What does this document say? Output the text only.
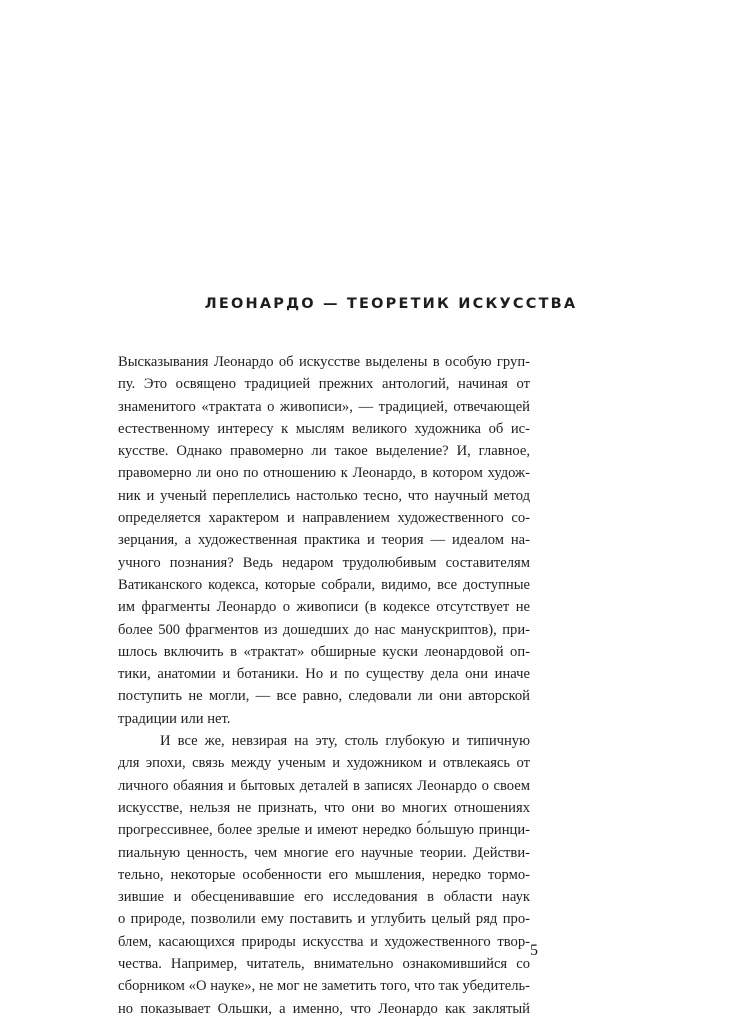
ЛЕОНАРДО — ТЕОРЕТИК ИСКУССТВА
Высказывания Леонардо об искусстве выделены в особую груп-
пу. Это освящено традицией прежних антологий, начиная от
знаменитого «трактата о живописи», — традицией, отвечающей
естественному интересу к мыслям великого художника об ис-
кусстве. Однако правомерно ли такое выделение? И, главное,
правомерно ли оно по отношению к Леонардо, в котором худож-
ник и ученый переплелись настолько тесно, что научный метод
определяется характером и направлением художественного со-
зерцания, а художественная практика и теория — идеалом на-
учного познания? Ведь недаром трудолюбивым составителям
Ватиканского кодекса, которые собрали, видимо, все доступные
им фрагменты Леонардо о живописи (в кодексе отсутствует не
более 500 фрагментов из дошедших до нас манускриптов), при-
шлось включить в «трактат» обширные куски леонардовой оп-
тики, анатомии и ботаники. Но и по существу дела они иначе
поступить не могли, — все равно, следовали ли они авторской
традиции или нет.
И все же, невзирая на эту, столь глубокую и типичную
для эпохи, связь между ученым и художником и отвлекаясь от
личного обаяния и бытовых деталей в записях Леонардо о своем
искусстве, нельзя не признать, что они во многих отношениях
прогрессивнее, более зрелые и имеют нередко бо́льшую принци-
пиальную ценность, чем многие его научные теории. Действи-
тельно, некоторые особенности его мышления, нередко тормо-
зившие и обесценивавшие его исследования в области наук
о природе, позволили ему поставить и углубить целый ряд про-
блем, касающихся природы искусства и художественного твор-
чества. Например, читатель, внимательно ознакомившийся со
сборником «О науке», не мог не заметить того, что так убедитель-
но показывает Ольшки, а именно, что Леонардо как заклятый
5
